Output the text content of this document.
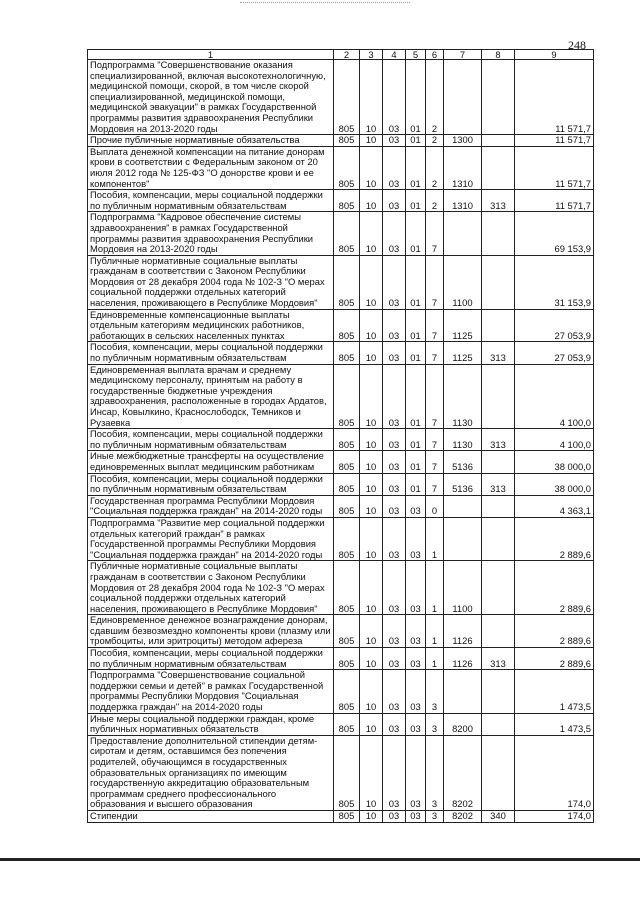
248
1	2	3	4	5	6	7	8	9
Подпрограмма "Совершенствование оказания специализированной, включая высокотехнологичную, медицинской помощи, скорой, в том числе скорой специализированной, медицинской помощи, медицинской эвакуации" в рамках Государственной программы развития здравоохранения Республики Мордовия на 2013-2020 годы	805	10	03	01	2			11 571,7
Прочие публичные нормативные обязательства	805	10	03	01	2	1300		11 571,7
Выплата денежной компенсации на питание донорам крови в соответствии с Федеральным законом от 20 июля 2012 года № 125-ФЗ "О донорстве крови и ее компонентов"	805	10	03	01	2	1310		11 571,7
Пособия, компенсации, меры социальной поддержки по публичным нормативным обязательствам	805	10	03	01	2	1310	313	11 571,7
Подпрограмма "Кадровое обеспечение системы здравоохранения" в рамках Государственной программы развития здравоохранения Республики Мордовия на 2013-2020 годы	805	10	03	01	7			69 153,9
Публичные нормативные социальные выплаты гражданам в соответствии с Законом Республики Мордовия от 28 декабря 2004 года № 102-З "О мерах социальной поддержки отдельных категорий населения, проживающего в Республике Мордовия"	805	10	03	01	7	1100		31 153,9
Единовременные компенсационные выплаты отдельным категориям медицинских работников, работающих в сельских населенных пунктах	805	10	03	01	7	1125		27 053,9
Пособия, компенсации, меры социальной поддержки по публичным нормативным обязательствам	805	10	03	01	7	1125	313	27 053,9
Единовременная выплата врачам и среднему медицинскому персоналу, принятым на работу в государственные бюджетные учреждения здравоохранения, расположенные в городах Ардатов, Инсар, Ковылкино, Краснослободск, Темников и Рузаевка	805	10	03	01	7	1130		4 100,0
Пособия, компенсации, меры социальной поддержки по публичным нормативным обязательствам	805	10	03	01	7	1130	313	4 100,0
Иные межбюджетные трансферты на осуществление единовременных выплат медицинским работникам	805	10	03	01	7	5136		38 000,0
Пособия, компенсации, меры социальной поддержки по публичным нормативным обязательствам	805	10	03	01	7	5136	313	38 000,0
Государственная программа Республики Мордовия "Социальная поддержка граждан" на 2014-2020 годы	805	10	03	03	0			4 363,1
Подпрограмма "Развитие мер социальной поддержки отдельных категорий граждан" в рамках Государственной программы Республики Мордовия "Социальная поддержка граждан" на 2014-2020 годы	805	10	03	03	1			2 889,6
Публичные нормативные социальные выплаты гражданам в соответствии с Законом Республики Мордовия от 28 декабря 2004 года № 102-З "О мерах социальной поддержки отдельных категорий населения, проживающего в Республике Мордовия"	805	10	03	03	1	1100		2 889,6
Единовременное денежное вознаграждение донорам, сдавшим безвозмездно компоненты крови (плазму или тромбоциты, или эритроциты) методом афереза	805	10	03	03	1	1126		2 889,6
Пособия, компенсации, меры социальной поддержки по публичным нормативным обязательствам	805	10	03	03	1	1126	313	2 889,6
Подпрограмма "Совершенствование социальной поддержки семьи и детей" в рамках Государственной программы Республики Мордовия "Социальная поддержка граждан" на 2014-2020 годы	805	10	03	03	3			1 473,5
Иные меры социальной поддержки граждан, кроме публичных нормативных обязательств	805	10	03	03	3	8200		1 473,5
Предоставление дополнительной стипендии детям-сиротам и детям, оставшимся без попечения родителей, обучающимся в государственных образовательных организациях по имеющим государственную аккредитацию образовательным программам среднего профессионального образования и высшего образования	805	10	03	03	3	8202		174,0
Стипендии	805	10	03	03	3	8202	340	174,0
